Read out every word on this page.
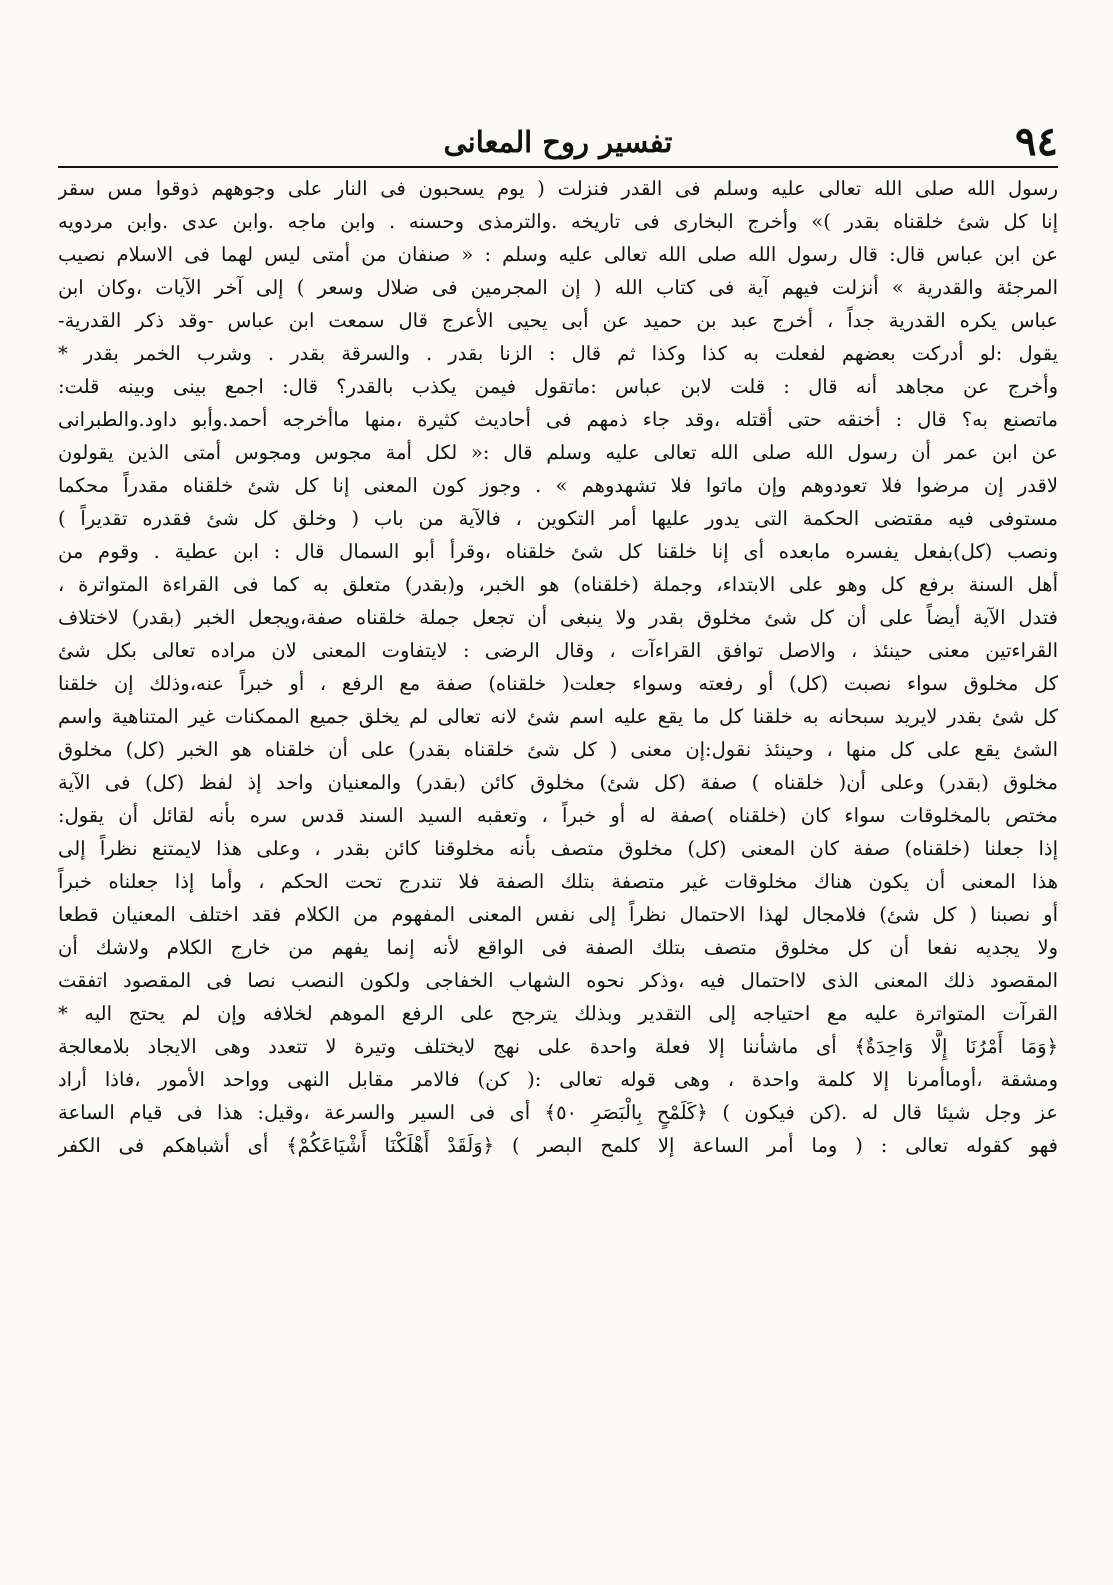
٩٤
تفسير روح المعانى
رسول الله صلى الله تعالى عليه وسلم فى القدر فنزلت ( يوم يسحبون فى النار على وجوههم ذوقوا مس سقر
إنا كل شئ خلقناه بقدر )» وأخرج البخارى فى تاريخه .والترمذى وحسنه . وابن ماجه .وابن عدى .وابن مردويه
عن ابن عباس قال: قال رسول الله صلى الله تعالى عليه وسلم : « صنفان من أمتى ليس لهما فى الاسلام نصيب
المرجئة والقدرية » أنزلت فيهم آية فى كتاب الله ( إن المجرمين فى ضلال وسعر ) إلى آخر الآيات ،وكان ابن
عباس يكره القدرية جداً ، أخرج عبد بن حميد عن أبى يحيى الأعرج قال سمعت ابن عباس -وقد ذكر القدرية-
يقول :لو أدركت بعضهم لفعلت به كذا وكذا ثم قال : الزنا بقدر . والسرقة بقدر . وشرب الخمر بقدر *
وأخرج عن مجاهد أنه قال : قلت لابن عباس :ماتقول فيمن يكذب بالقدر؟ قال: اجمع بينى وبينه قلت:
ماتصنع به؟ قال : أخنقه حتى أقتله ،وقد جاء ذمهم فى أحاديث كثيرة ،منها ماأخرجه أحمد.وأبو داود.والطبرانى
عن ابن عمر أن رسول الله صلى الله تعالى عليه وسلم قال :« لكل أمة مجوس ومجوس أمتى الذين يقولون
لاقدر إن مرضوا فلا تعودوهم وإن ماتوا فلا تشهدوهم » . وجوز كون المعنى إنا كل شئ خلقناه مقدراً محكما
مستوفى فيه مقتضى الحكمة التى يدور عليها أمر التكوين ، فالآية من باب ( وخلق كل شئ فقدره تقديراً )
ونصب (كل)بفعل يفسره مابعده أى إنا خلقنا كل شئ خلقناه ،وقرأ أبو السمال قال : ابن عطية . وقوم من
أهل السنة برفع كل وهو على الابتداء، وجملة (خلقناه) هو الخبر، و(بقدر) متعلق به كما فى القراءة المتواترة ،
فتدل الآية أيضاً على أن كل شئ مخلوق بقدر ولا ينبغى أن تجعل جملة خلقناه صفة،ويجعل الخبر (بقدر) لاختلاف
القراءتين معنى حينئذ ، والاصل توافق القراءآت ، وقال الرضى : لايتفاوت المعنى لان مراده تعالى بكل شئ
كل مخلوق سواء نصبت (كل) أو رفعته وسواء جعلت( خلقناه) صفة مع الرفع ، أو خبراً عنه،وذلك إن خلقنا
كل شئ بقدر لايريد سبحانه به خلقنا كل ما يقع عليه اسم شئ لانه تعالى لم يخلق جميع الممكنات غير المتناهية واسم
الشئ يقع على كل منها ، وحينئذ نقول:إن معنى ( كل شئ خلقناه بقدر) على أن خلقناه هو الخبر (كل) مخلوق
مخلوق (بقدر) وعلى أن( خلقناه ) صفة (كل شئ) مخلوق كائن (بقدر) والمعنيان واحد إذ لفظ (كل) فى الآية
مختص بالمخلوقات سواء كان (خلقناه )صفة له أو خبراً ، وتعقبه السيد السند قدس سره بأنه لقائل أن يقول:
إذا جعلنا (خلقناه) صفة كان المعنى (كل) مخلوق متصف بأنه مخلوقنا كائن بقدر ، وعلى هذا لايمتنع نظراً إلى
هذا المعنى أن يكون هناك مخلوقات غير متصفة بتلك الصفة فلا تندرج تحت الحكم ، وأما إذا جعلناه خبراً
أو نصبنا ( كل شئ) فلامجال لهذا الاحتمال نظراً إلى نفس المعنى المفهوم من الكلام فقد اختلف المعنيان قطعا
ولا يجديه نفعا أن كل مخلوق متصف بتلك الصفة فى الواقع لأنه إنما يفهم من خارج الكلام ولاشك أن
المقصود ذلك المعنى الذى لااحتمال فيه ،وذكر نحوه الشهاب الخفاجى ولكون النصب نصا فى المقصود اتفقت
القرآت المتواترة عليه مع احتياجه إلى التقدير وبذلك يترجح على الرفع الموهم لخلافه وإن لم يحتج اليه *
﴿وَمَا أَمْرُنَا إِلَّا وَاحِدَةٌ﴾ أى ماشأننا إلا فعلة واحدة على نهج لايختلف وتيرة لا تتعدد وهى الايجاد بلامعالجة
ومشقة ،أوماأمرنا إلا كلمة واحدة ، وهى قوله تعالى :( كن) فالامر مقابل النهى وواحد الأمور ،فاذا أراد
عز وجل شيئا قال له .(كن فيكون ) ﴿كَلَمْحٍ بِالْبَصَرِ ٥٠﴾ أى فى السير والسرعة ،وقيل: هذا فى قيام الساعة
فهو كقوله تعالى : ( وما أمر الساعة إلا كلمح البصر ) ﴿وَلَقَدْ أَهْلَكْنَا أَشْيَاعَكُمْ﴾ أى أشباهكم فى الكفر
